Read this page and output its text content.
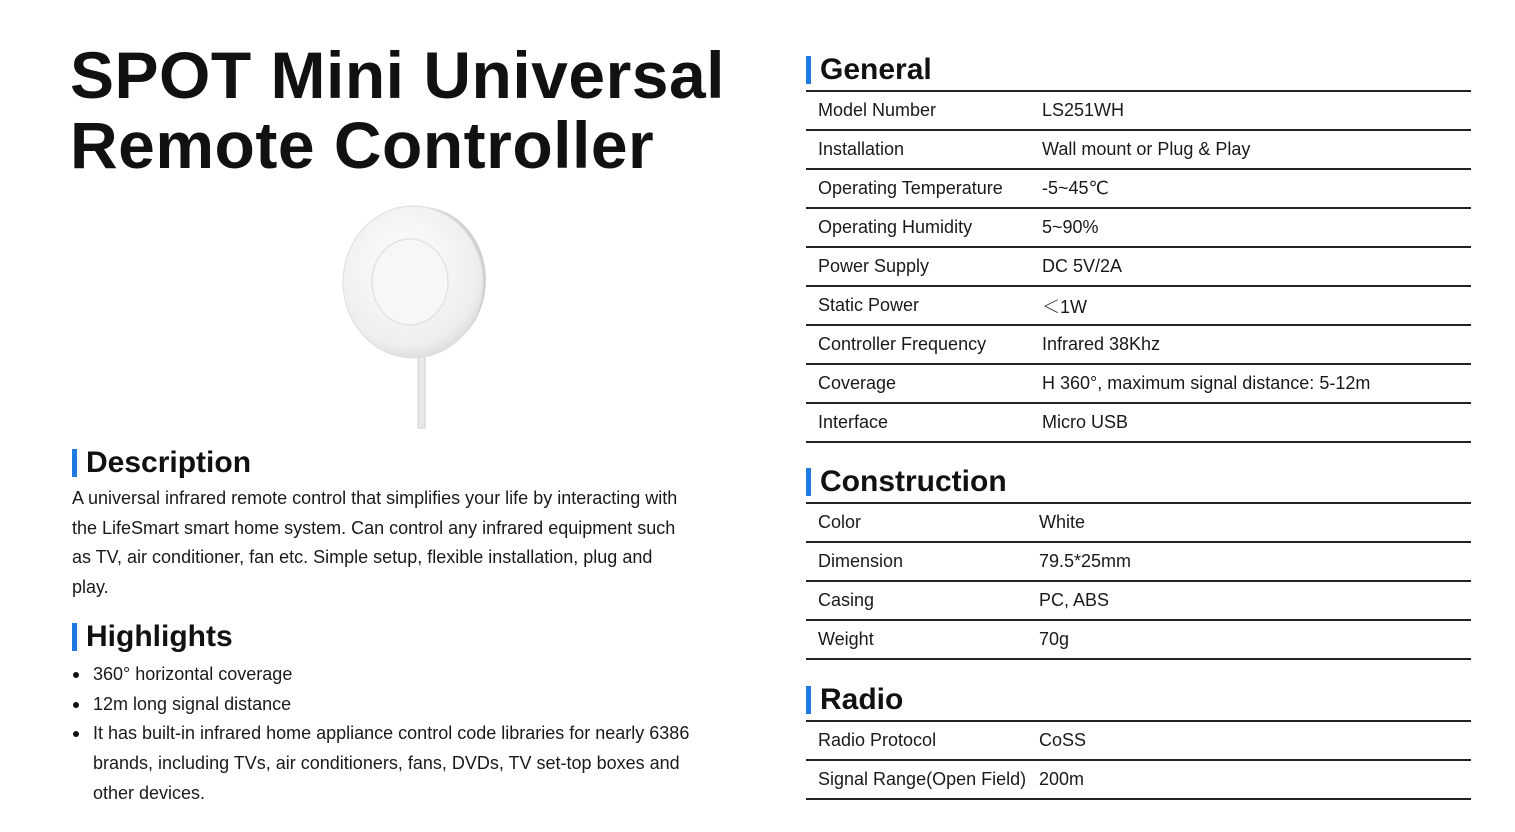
SPOT Mini Universal
Remote Controller
Description

A universal infrared remote control that simplifies your life by interacting with the LifeSmart smart home system. Can control any infrared equipment such as TV, air conditioner, fan etc. Simple setup, flexible installation, plug and play.

Highlights
360° horizontal coverage
12m long signal distance
It has built-in infrared home appliance control code libraries for nearly 6386 brands, including TVs, air conditioners, fans, DVDs, TV set-top boxes and other devices.
General
Model Number	LS251WH
Installation	Wall mount or Plug & Play
Operating Temperature	-5~45℃
Operating Humidity	5~90%
Power Supply	DC 5V/2A
Static Power	＜1W
Controller Frequency	Infrared 38Khz
Coverage	H 360°, maximum signal distance: 5-12m
Interface	Micro USB
Construction
Color	White
Dimension	79.5*25mm
Casing	PC, ABS
Weight	70g
Radio
Radio Protocol	CoSS
Signal Range(Open Field) 200m
